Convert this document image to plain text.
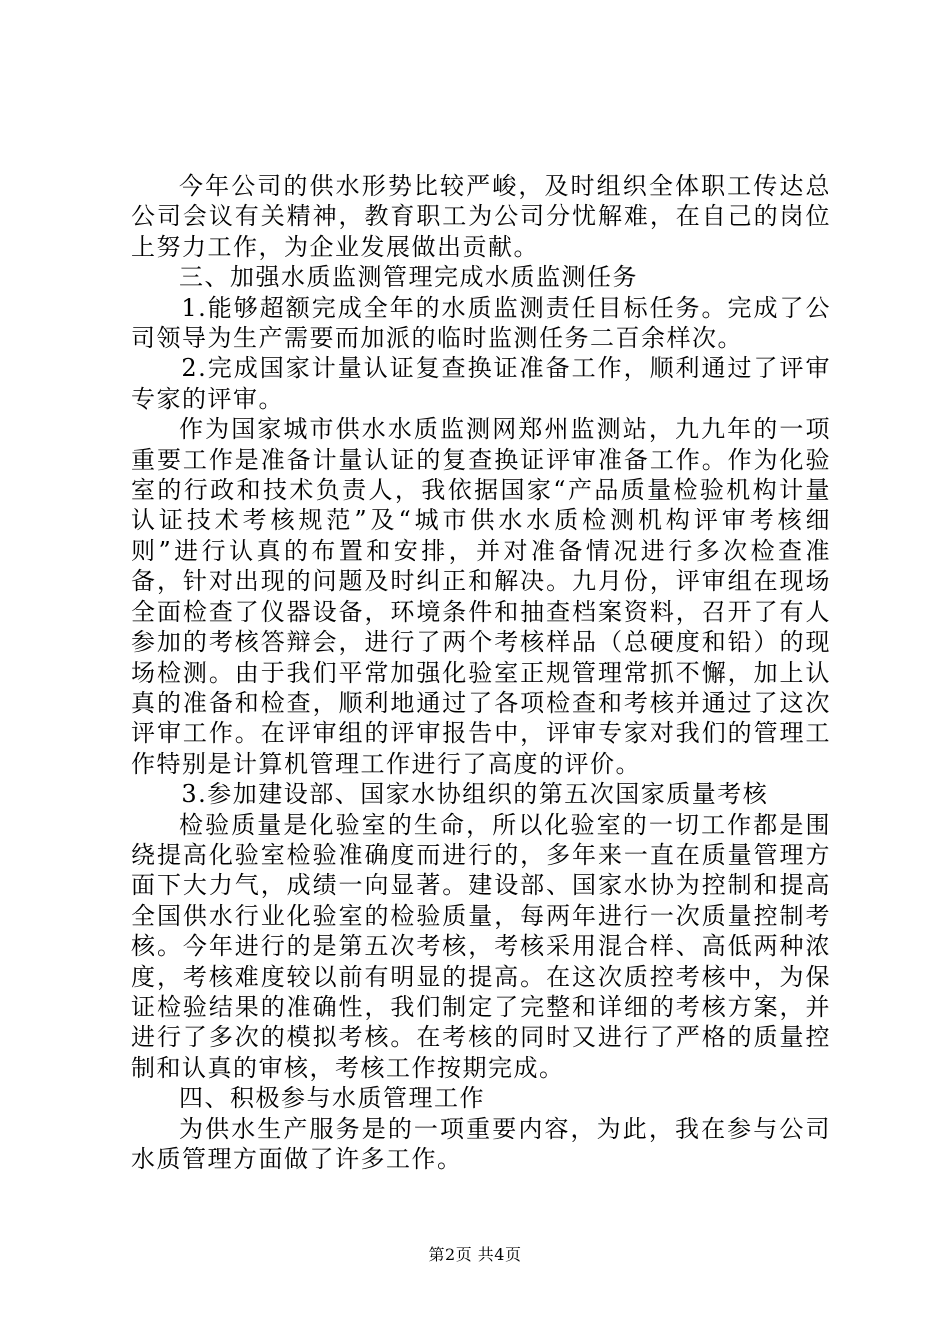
今年公司的供水形势比较严峻，及时组织全体职工传达总公司会议有关精神，教育职工为公司分忧解难，在自己的岗位上努力工作，为企业发展做出贡献。

三、加强水质监测管理完成水质监测任务

1.能够超额完成全年的水质监测责任目标任务。完成了公司领导为生产需要而加派的临时监测任务二百余样次。

2.完成国家计量认证复查换证准备工作，顺利通过了评审专家的评审。

作为国家城市供水水质监测网郑州监测站，九九年的一项重要工作是准备计量认证的复查换证评审准备工作。作为化验室的行政和技术负责人，我依据国家“产品质量检验机构计量认证技术考核规范”及“城市供水水质检测机构评审考核细则”进行认真的布置和安排，并对准备情况进行多次检查准备，针对出现的问题及时纠正和解决。九月份，评审组在现场全面检查了仪器设备，环境条件和抽查档案资料，召开了有人参加的考核答辩会，进行了两个考核样品（总硬度和铅）的现场检测。由于我们平常加强化验室正规管理常抓不懈，加上认真的准备和检查，顺利地通过了各项检查和考核并通过了这次评审工作。在评审组的评审报告中，评审专家对我们的管理工作特别是计算机管理工作进行了高度的评价。

3.参加建设部、国家水协组织的第五次国家质量考核

检验质量是化验室的生命，所以化验室的一切工作都是围绕提高化验室检验准确度而进行的，多年来一直在质量管理方面下大力气，成绩一向显著。建设部、国家水协为控制和提高全国供水行业化验室的检验质量，每两年进行一次质量控制考核。今年进行的是第五次考核，考核采用混合样、高低两种浓度，考核难度较以前有明显的提高。在这次质控考核中，为保证检验结果的准确性，我们制定了完整和详细的考核方案，并进行了多次的模拟考核。在考核的同时又进行了严格的质量控制和认真的审核，考核工作按期完成。

四、积极参与水质管理工作

为供水生产服务是的一项重要内容，为此，我在参与公司水质管理方面做了许多工作。

第2页 共4页
